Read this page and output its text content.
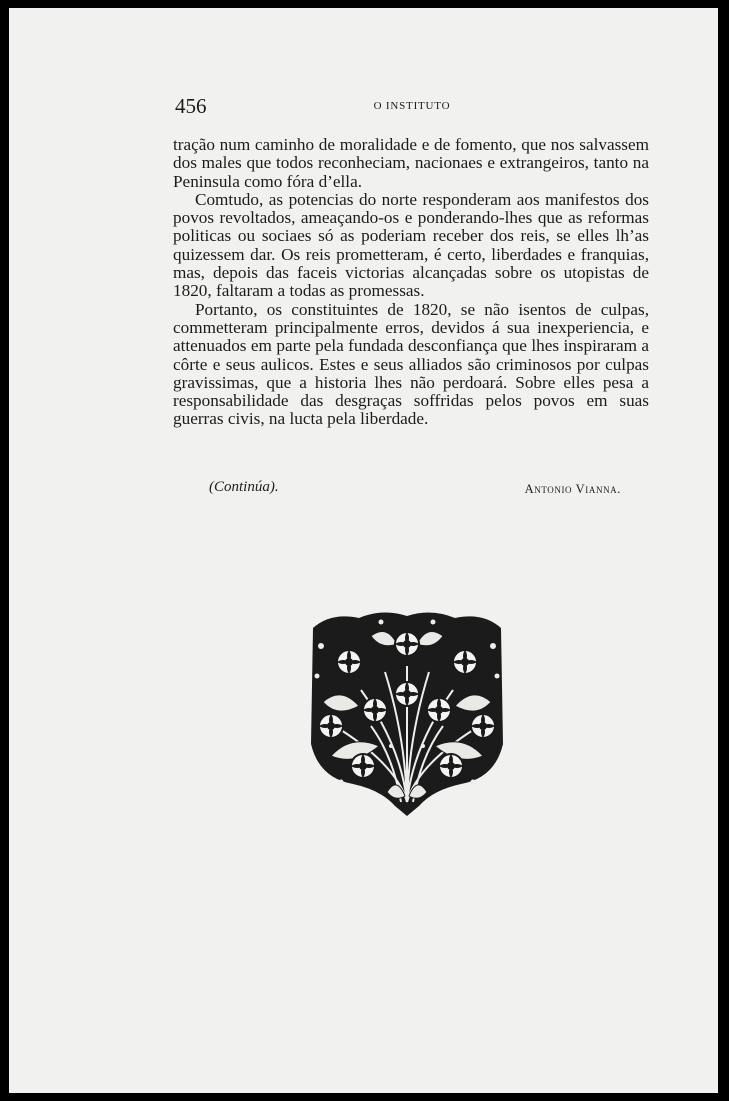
456	O INSTITUTO

tração num caminho de moralidade e de fomento, que nos salvassem dos males que todos reconheciam, nacionaes e extrangeiros, tanto na Peninsula como fóra d’ella.

Comtudo, as potencias do norte responderam aos manifestos dos povos revoltados, ameaçando-os e ponderando-lhes que as reformas politicas ou sociaes só as poderiam receber dos reis, se elles lh’as quizessem dar. Os reis prometteram, é certo, liberdades e franquias, mas, depois das faceis victorias alcançadas sobre os utopistas de 1820, faltaram a todas as promessas.

Portanto, os constituintes de 1820, se não isentos de culpas, commetteram principalmente erros, devidos á sua inexperiencia, e attenuados em parte pela fundada desconfiança que lhes inspiraram a côrte e seus aulicos. Estes e seus alliados são criminosos por culpas gravissimas, que a historia lhes não perdoará. Sobre elles pesa a responsabilidade das desgraças soffridas pelos povos em suas guerras civis, na lucta pela liberdade.

(Continúa).	Antonio Vianna.
